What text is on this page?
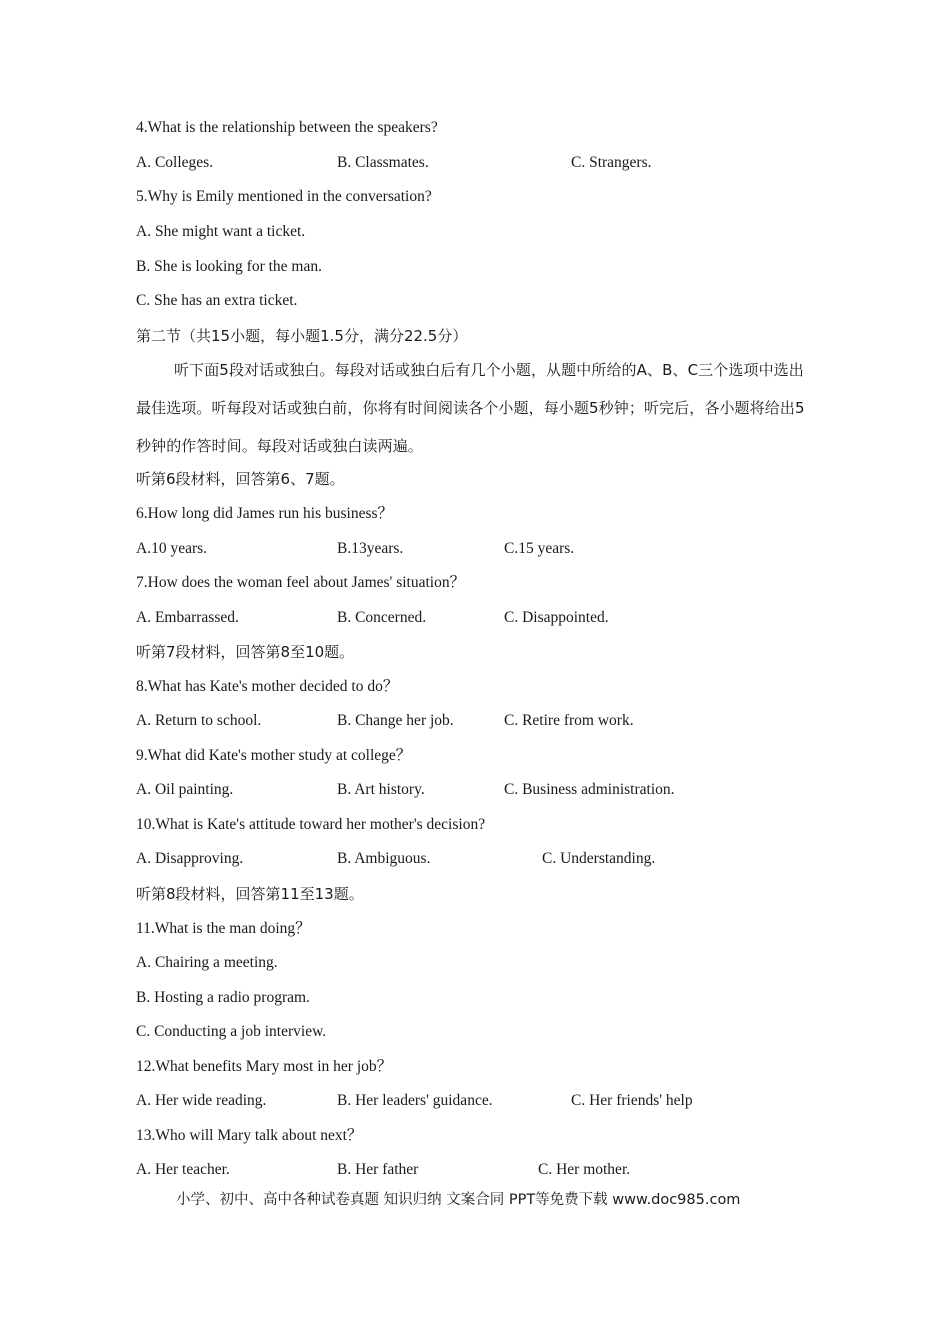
4.What is the relationship between the speakers?
A. Colleges.	B. Classmates.	C. Strangers.
5.Why is Emily mentioned in the conversation?
A. She might want a ticket.
B. She is looking for the man.
C. She has an extra ticket.
第二节（共15小题，每小题1.5分，满分22.5分）
听下面5段对话或独白。每段对话或独白后有几个小题，从题中所给的A、B、C三个选项中选出最佳选项。听每段对话或独白前，你将有时间阅读各个小题，每小题5秒钟；听完后，各小题将给出5秒钟的作答时间。每段对话或独白读两遍。
听第6段材料，回答第6、7题。
6.How long did James run his business？
A.10 years.	B.13years.	C.15 years.
7.How does the woman feel about James' situation？
A. Embarrassed.	B. Concerned.	C. Disappointed.
听第7段材料，回答第8至10题。
8.What has Kate's mother decided to do？
A. Return to school.	B. Change her job.	C. Retire from work.
9.What did Kate's mother study at college？
A. Oil painting.	B. Art history.	C. Business administration.
10.What is Kate's attitude toward her mother's decision?
A. Disapproving.	B. Ambiguous.	C. Understanding.
听第8段材料，回答第11至13题。
11.What is the man doing？
A. Chairing a meeting.
B. Hosting a radio program.
C. Conducting a job interview.
12.What benefits Mary most in her job？
A. Her wide reading.	B. Her leaders' guidance.	C. Her friends' help
13.Who will Mary talk about next？
A. Her teacher.	B. Her father	C. Her mother.
小学、初中、高中各种试卷真题 知识归纳 文案合同 PPT等免费下载 www.doc985.com
